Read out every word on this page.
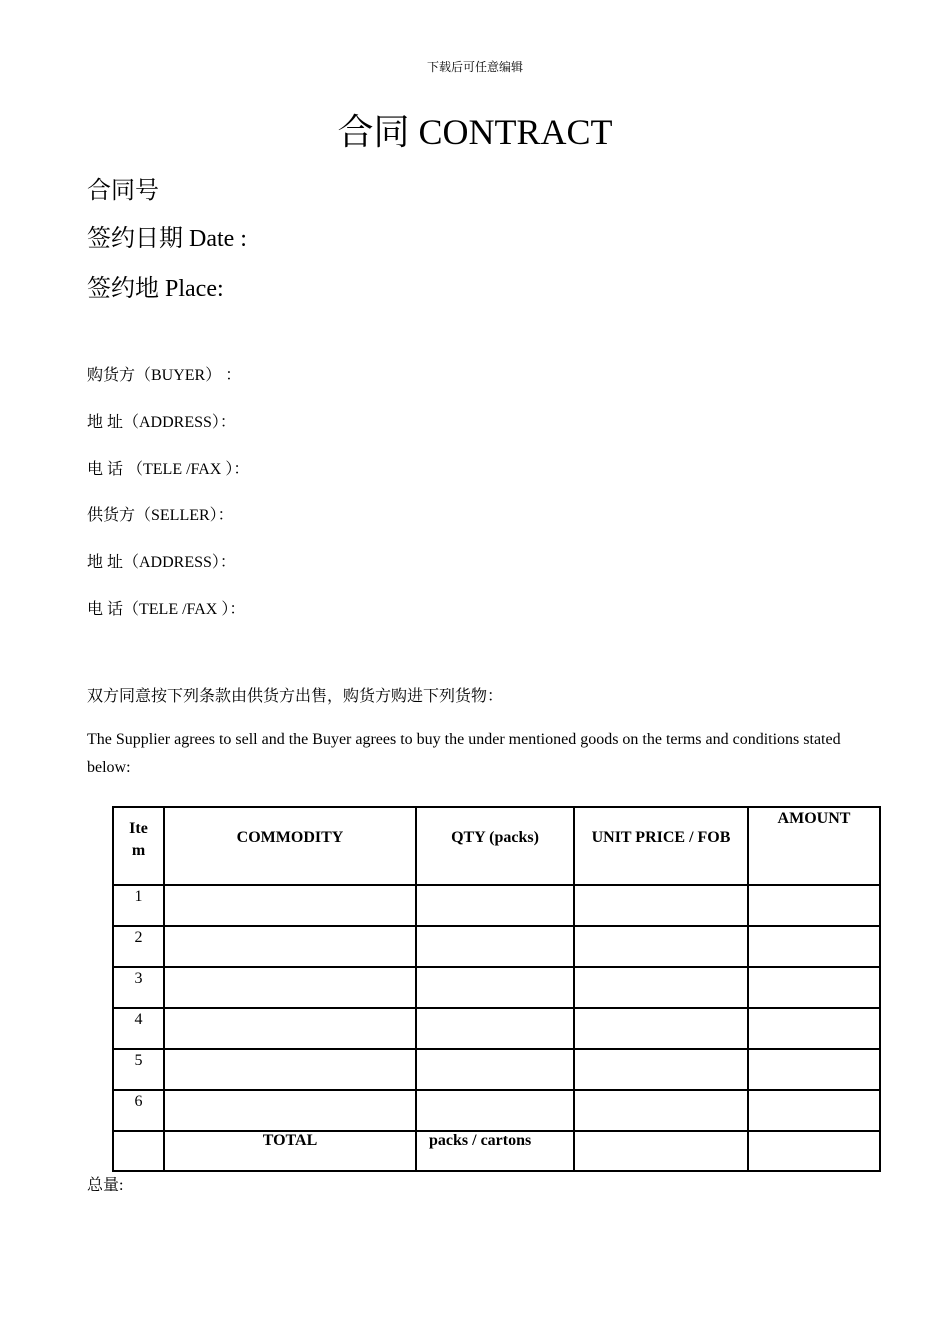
下载后可任意编辑
合同 CONTRACT
合同号
签约日期 Date :
签约地 Place:
购货方（BUYER） ：
地 址（ADDRESS）：
电 话 （TELE /FAX ）：
供货方（SELLER）：
地 址（ADDRESS）：
电 话（TELE /FAX ）：
双方同意按下列条款由供货方出售，购货方购进下列货物：
The Supplier agrees to sell and the Buyer agrees to buy the under mentioned goods on the terms and conditions stated below:
Ite
m	COMMODITY	QTY (packs)	UNIT PRICE / FOB	AMOUNT
1				
2				
3				
4				
5				
6				
	TOTAL	packs / cartons		
总量:
